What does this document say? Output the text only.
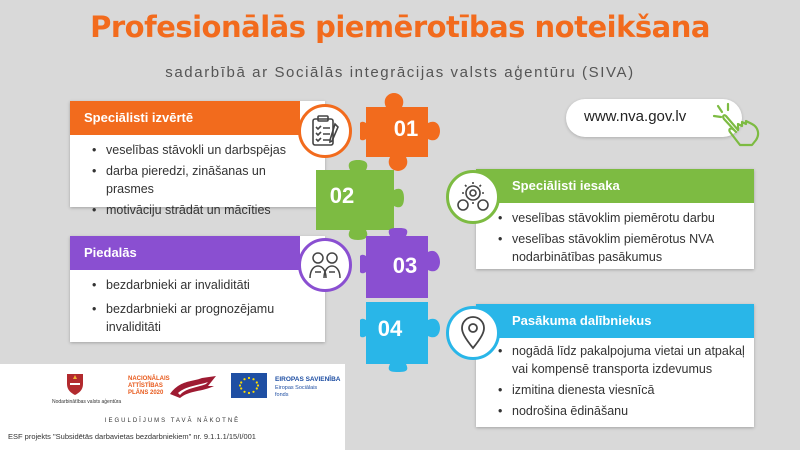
Profesionālās piemērotības noteikšana
sadarbībā ar Sociālās integrācijas valsts aģentūru (SIVA)
www.nva.gov.lv
Speciālisti izvērtē
• veselības stāvokli un darbspējas
• darba pieredzi, zināšanas un prasmes
• motivāciju strādāt un mācīties
Speciālisti iesaka
• veselības stāvoklim piemērotu darbu
• veselības stāvoklim piemērotus NVA nodarbinātības pasākumus
Piedalās
• bezdarbnieki ar invaliditāti
• bezdarbnieki ar prognozējamu invaliditāti	Pasākuma dalībniekus
• nogādā līdz pakalpojuma vietai un atpakaļ vai kompensē transporta izdevumus
• izmitina dienesta viesnīcā
• nodrošina ēdināšanu
01
02
03
04
Nodarbinātības valsts aģentūra
NACIONĀLAIS
ATTĪSTĪBAS
PLĀNS 2020
EIROPAS SAVIENĪBA
Eiropas Sociālais
fonds
IEGULDĪJUMS TAVĀ NĀKOTNĒ
ESF projekts "Subsidētās darbavietas bezdarbniekiem" nr. 9.1.1.1/15/I/001
